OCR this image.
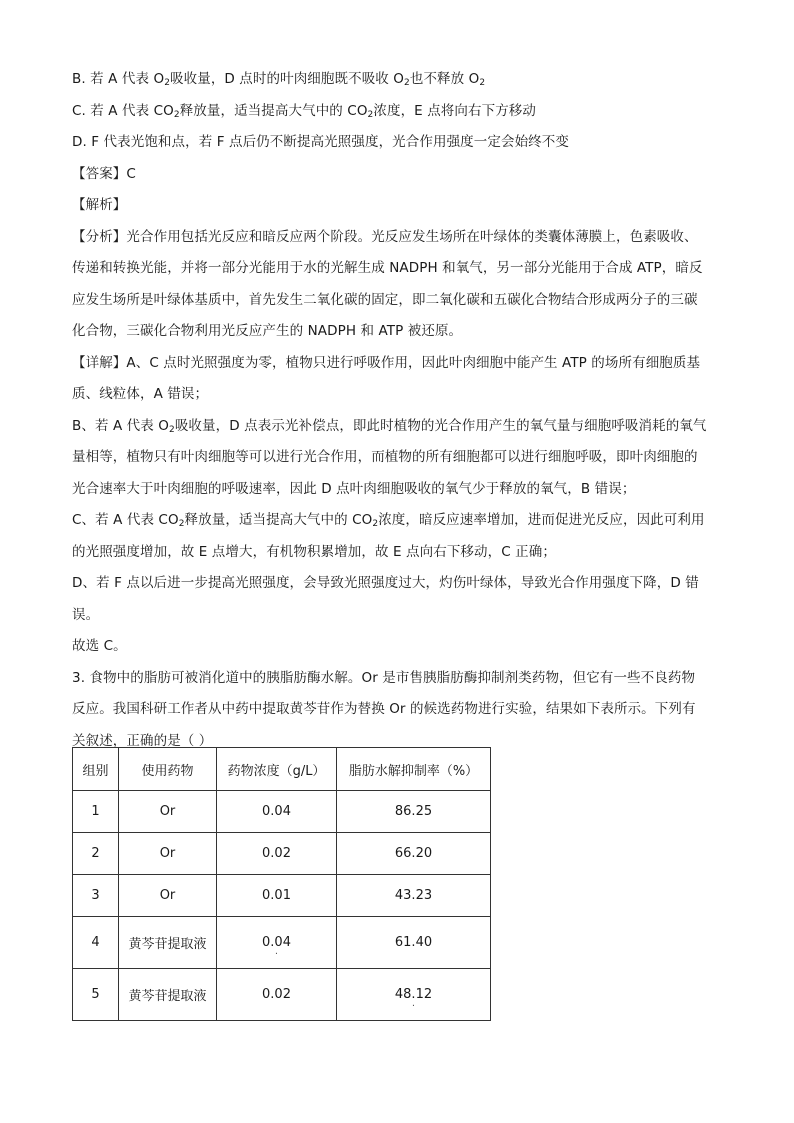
B. 若 A 代表 $O_2$吸收量，D 点时的叶肉细胞既不吸收 $O_2$也不释放 $O_2$
C. 若 A 代表 $CO_2$释放量，适当提高大气中的 $CO_2$浓度，E 点将向右下方移动
D. F 代表光饱和点，若 F 点后仍不断提高光照强度，光合作用强度一定会始终不变
【答案】C
【解析】
【分析】光合作用包括光反应和暗反应两个阶段。光反应发生场所在叶绿体的类囊体薄膜上，色素吸收、
传递和转换光能，并将一部分光能用于水的光解生成 NADPH 和氧气，另一部分光能用于合成 ATP，暗反
应发生场所是叶绿体基质中，首先发生二氧化碳的固定，即二氧化碳和五碳化合物结合形成两分子的三碳
化合物，三碳化合物利用光反应产生的 NADPH 和 ATP 被还原。
【详解】A、C 点时光照强度为零，植物只进行呼吸作用，因此叶肉细胞中能产生 ATP 的场所有细胞质基
质、线粒体，A 错误；
B、若 A 代表 $O_2$吸收量，D 点表示光补偿点，即此时植物的光合作用产生的氧气量与细胞呼吸消耗的氧气
量相等，植物只有叶肉细胞等可以进行光合作用，而植物的所有细胞都可以进行细胞呼吸，即叶肉细胞的
光合速率大于叶肉细胞的呼吸速率，因此 D 点叶肉细胞吸收的氧气少于释放的氧气，B 错误；
C、若 A 代表 $CO_2$释放量，适当提高大气中的 $CO_2$浓度，暗反应速率增加，进而促进光反应，因此可利用
的光照强度增加，故 E 点增大，有机物积累增加，故 E 点向右下移动，C 正确；
D、若 F 点以后进一步提高光照强度，会导致光照强度过大，灼伤叶绿体，导致光合作用强度下降，D 错
误。
故选 C。
3. 食物中的脂肪可被消化道中的胰脂肪酶水解。Or 是市售胰脂肪酶抑制剂类药物，但它有一些不良药物
反应。我国科研工作者从中药中提取黄芩苷作为替换 Or 的候选药物进行实验，结果如下表所示。下列有
关叙述，正确的是（ ）
组别	使用药物	药物浓度（g/L）	脂肪水解抑制率（%）
1	Or	0.04	86.25
2	Or	0.02	66.20
3	Or	0.01	43.23
4	黄芩苷提取液	0.04 ·	61.40
5	黄芩苷提取液	0.02	48.12 ·
